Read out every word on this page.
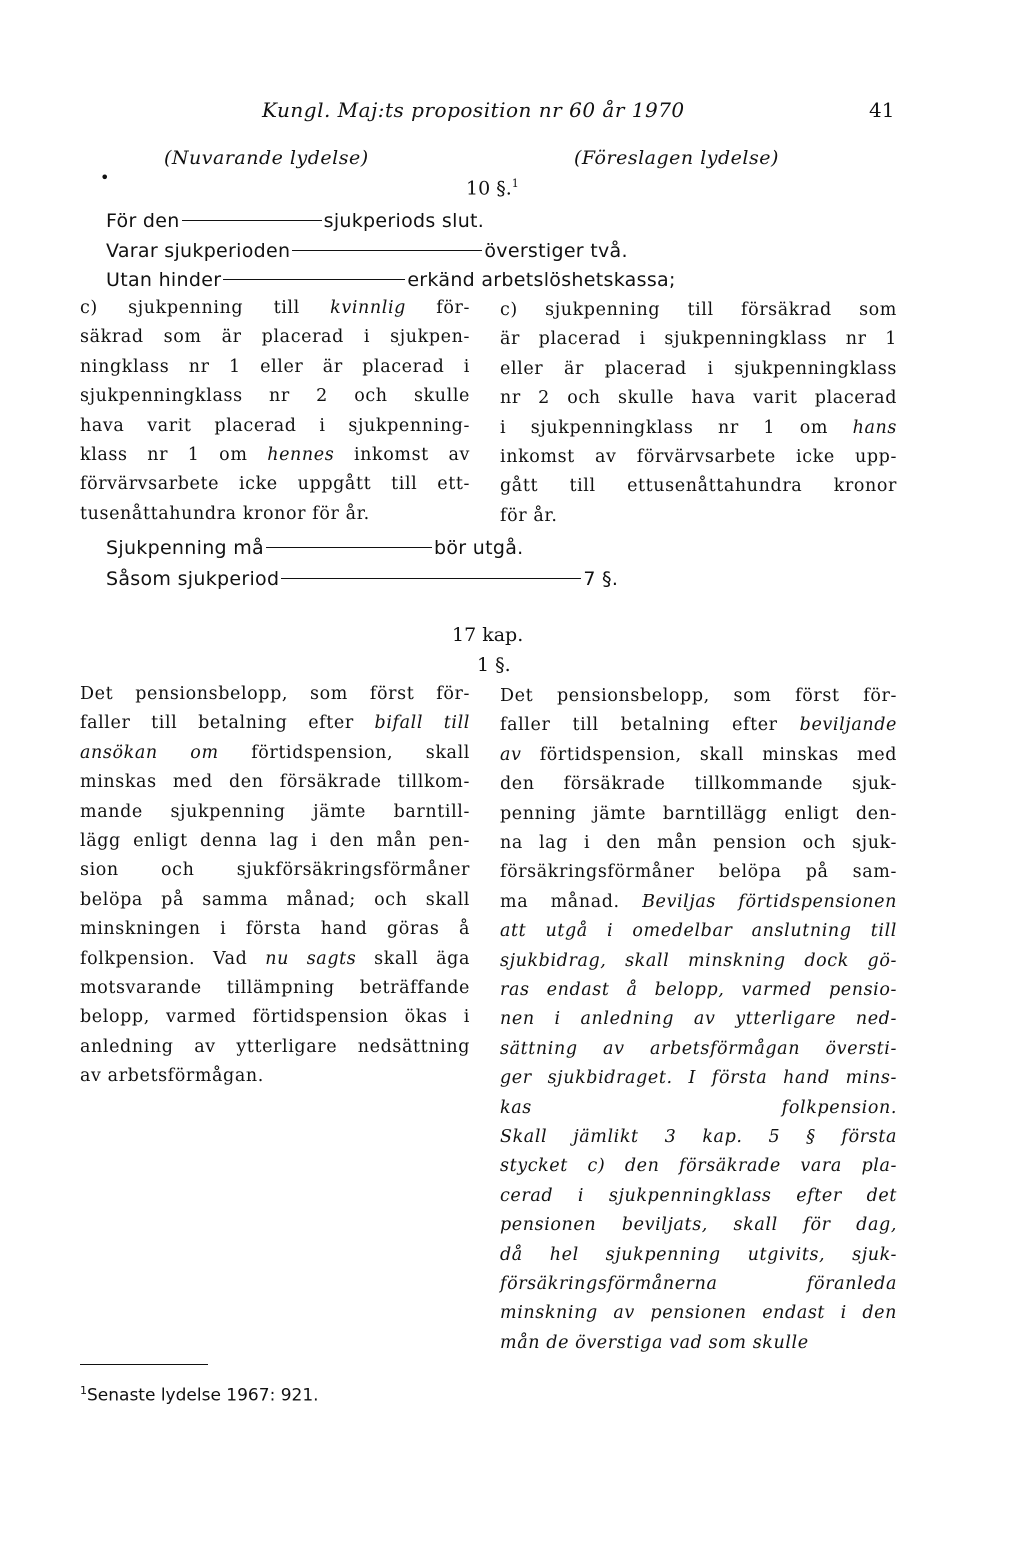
Kungl. Maj:ts proposition nr 60 år 1970	41
(Nuvarande lydelse)	(Föreslagen lydelse)
•	10 §.$^1$
För den	sjukperiods slut.
Varar sjukperioden	överstiger två.
Utan hinder	erkänd arbetslöshetskassa;
c) sjukpenning till kvinnlig för-
säkrad som är placerad i sjukpen-
ningklass nr 1 eller är placerad i
sjukpenningklass nr 2 och skulle
hava varit placerad i sjukpenning-
klass nr 1 om hennes inkomst av
förvärvsarbete icke uppgått till ett-
tusenåttahundra kronor för år.
c) sjukpenning till försäkrad som
är placerad i sjukpenningklass nr 1
eller är placerad i sjukpenningklass
nr 2 och skulle hava varit placerad
i sjukpenningklass nr 1 om hans
inkomst av förvärvsarbete icke upp-
gått till ettusenåttahundra kronor
för år.
Sjukpenning må	bör utgå.
Såsom sjukperiod	7 §.
17 kap.
1 §.
Det pensionsbelopp, som först för-
faller till betalning efter bifall till
ansökan om förtidspension, skall
minskas med den försäkrade tillkom-
mande sjukpenning jämte barntill-
lägg enligt denna lag i den mån pen-
sion och sjukförsäkringsförmåner
belöpa på samma månad; och skall
minskningen i första hand göras å
folkpension. Vad nu sagts skall äga
motsvarande tillämpning beträffande
belopp, varmed förtidspension ökas i
anledning av ytterligare nedsättning
av arbetsförmågan.
Det pensionsbelopp, som först för-
faller till betalning efter beviljande
av förtidspension, skall minskas med
den försäkrade tillkommande sjuk-
penning jämte barntillägg enligt den-
na lag i den mån pension och sjuk-
försäkringsförmåner belöpa på sam-
ma månad. Beviljas förtidspensionen
att utgå i omedelbar anslutning till
sjukbidrag, skall minskning dock gö-
ras endast å belopp, varmed pensio-
nen i anledning av ytterligare ned-
sättning av arbetsförmågan översti-
ger sjukbidraget. I första hand mins-
kas folkpension.
Skall jämlikt 3 kap. 5 § första
stycket c) den försäkrade vara pla-
cerad i sjukpenningklass efter det
pensionen beviljats, skall för dag,
då hel sjukpenning utgivits, sjuk-
försäkringsförmånerna föranleda
minskning av pensionen endast i den
mån de överstiga vad som skulle
$^1$Senaste lydelse 1967: 921.
